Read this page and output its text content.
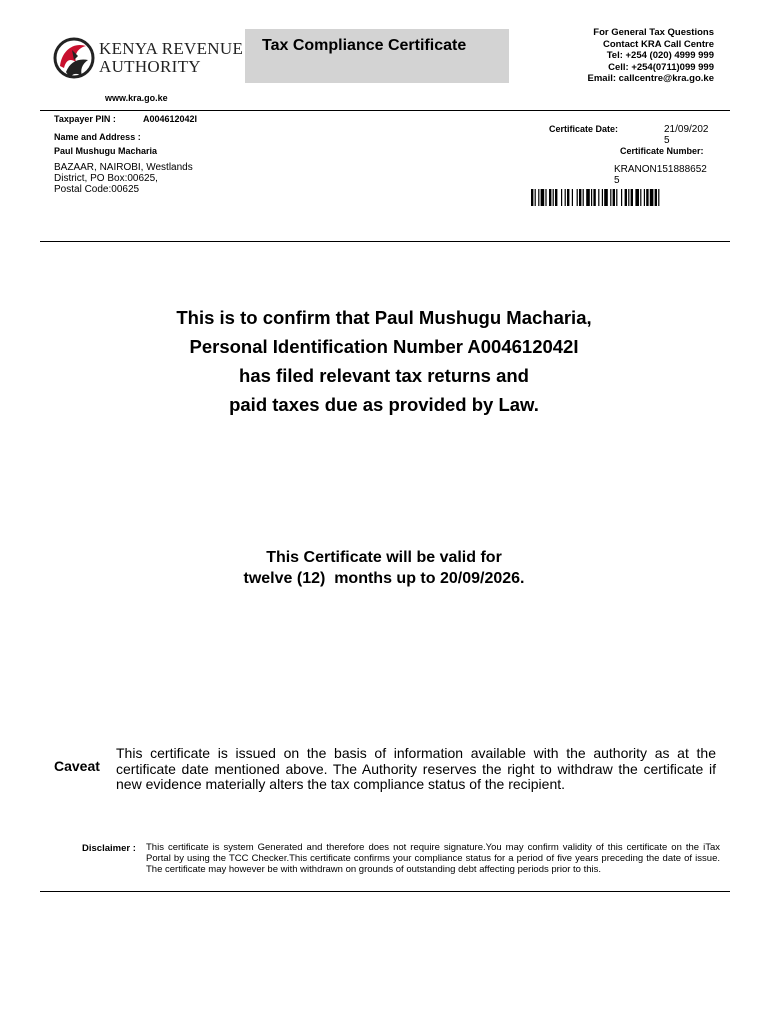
KENYA REVENUE
AUTHORITY
www.kra.go.ke
Tax Compliance Certificate
For General Tax Questions
Contact KRA Call Centre
Tel: +254 (020) 4999 999
Cell: +254(0711)099 999
Email: callcentre@kra.go.ke
Taxpayer PIN :	A004612042I
Name and Address :
Paul Mushugu Macharia
BAZAAR, NAIROBI, Westlands
District, PO Box:00625,
Postal Code:00625
Certificate Date:	21/09/202
5
Certificate Number:
KRANON151888652
5
This is to confirm that Paul Mushugu Macharia,
Personal Identification Number A004612042I
has filed relevant tax returns and
paid taxes due as provided by Law.
This Certificate will be valid for
twelve (12)  months up to 20/09/2026.
Caveat
This certificate is issued on the basis of information available with the authority as at the certificate date mentioned above. The Authority reserves the right to withdraw the certificate if new evidence materially alters the tax compliance status of the recipient.
Disclaimer : This certificate is system Generated and therefore does not require signature.You may confirm validity of this certificate on the iTax Portal by using the TCC Checker.This certificate confirms your compliance status for a period of five years preceding the date of issue. The certificate may however be with withdrawn on grounds of outstanding debt affecting periods prior to this.
